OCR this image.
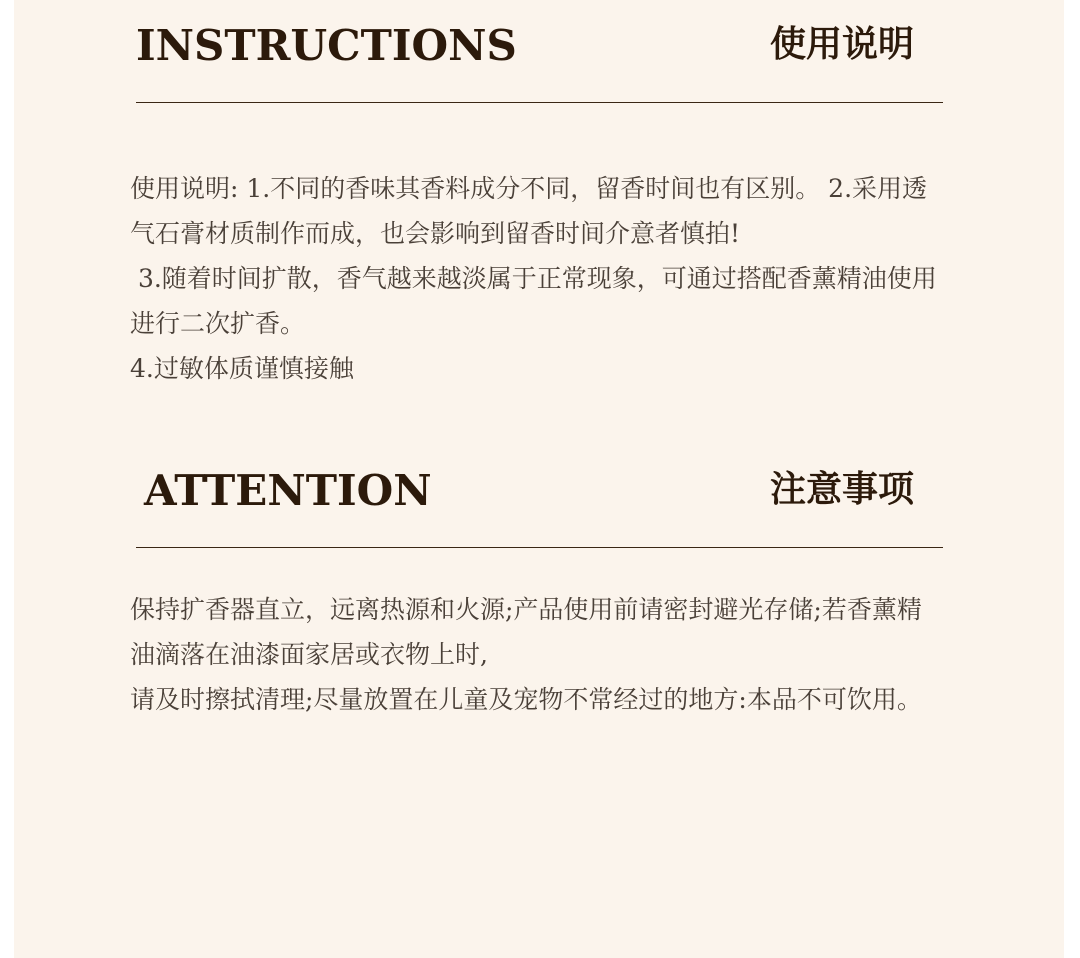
INSTRUCTIONS	使用说明

使用说明: 1.不同的香味其香料成分不同，留香时间也有区别。 2.采用透气石膏材质制作而成，也会影响到留香时间介意者慎拍!

3.随着时间扩散，香气越来越淡属于正常现象，可通过搭配香薰精油使用进行二次扩香。

4.过敏体质谨慎接触

ATTENTION	注意事项

保持扩香器直立，远离热源和火源;产品使用前请密封避光存储;若香薰精油滴落在油漆面家居或衣物上时,

请及时擦拭清理;尽量放置在儿童及宠物不常经过的地方:本品不可饮用。
